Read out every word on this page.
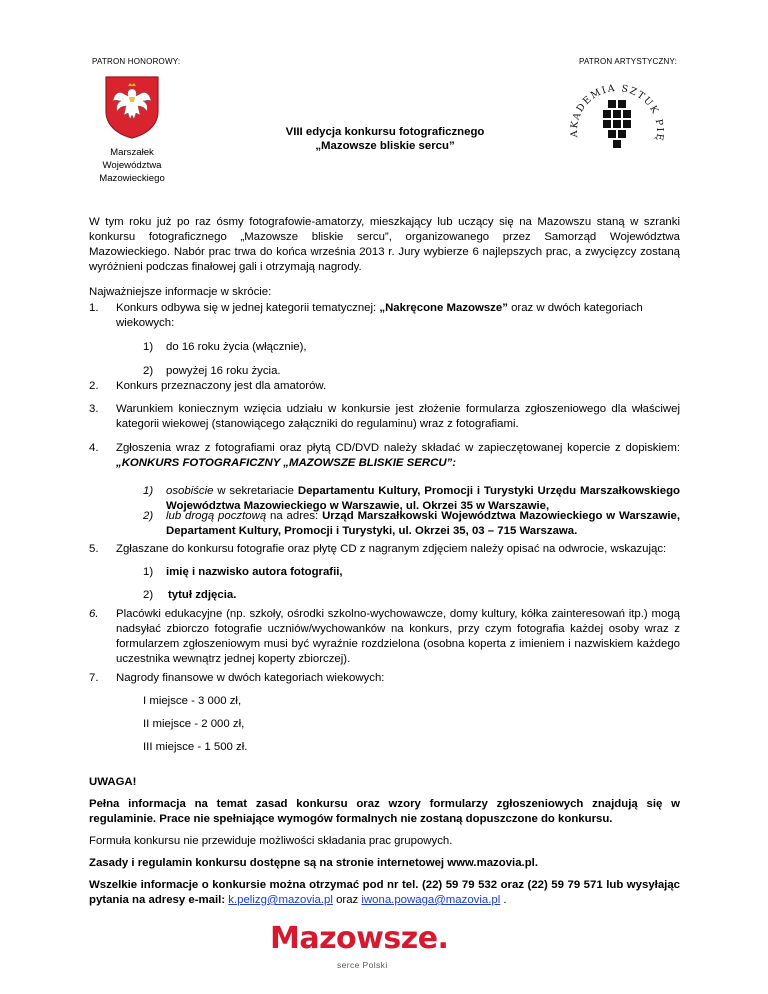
PATRON HONOROWY:	PATRON ARTYSTYCZNY:
Marszałek
Województwa
Mazowieckiego
VIII edycja konkursu fotograficznego
„Mazowsze bliskie sercu”
AKADEMIA SZTUK PIĘ

W tym roku już po raz ósmy fotografowie-amatorzy, mieszkający lub uczący się na Mazowszu staną w szranki konkursu fotograficznego „Mazowsze bliskie sercu”, organizowanego przez Samorząd Województwa Mazowieckiego. Nabór prac trwa do końca września 2013 r. Jury wybierze 6 najlepszych prac, a zwycięzcy zostaną wyróżnieni podczas finałowej gali i otrzymają nagrody.

Najważniejsze informacje w skrócie:

1. Konkurs odbywa się w jednej kategorii tematycznej: „Nakręcone Mazowsze” oraz w dwóch kategoriach wiekowych:

1) do 16 roku życia (włącznie),
2) powyżej 16 roku życia.
2. Konkurs przeznaczony jest dla amatorów.

3. Warunkiem koniecznym wzięcia udziału w konkursie jest złożenie formularza zgłoszeniowego dla właściwej kategorii wiekowej (stanowiącego załączniki do regulaminu) wraz z fotografiami.

4. Zgłoszenia wraz z fotografiami oraz płytą CD/DVD należy składać w zapieczętowanej kopercie z dopiskiem: „KONKURS FOTOGRAFICZNY „MAZOWSZE BLISKIE SERCU”:

1) osobiście w sekretariacie Departamentu Kultury, Promocji i Turystyki Urzędu Marszałkowskiego Województwa Mazowieckiego w Warszawie, ul. Okrzei 35 w Warszawie,

2) lub drogą pocztową na adres: Urząd Marszałkowski Województwa Mazowieckiego w Warszawie, Departament Kultury, Promocji i Turystyki, ul. Okrzei 35, 03 – 715 Warszawa.

5. Zgłaszane do konkursu fotografie oraz płytę CD z nagranym zdjęciem należy opisać na odwrocie, wskazując:

1) imię i nazwisko autora fotografii,
2) tytuł zdjęcia.
6. Placówki edukacyjne (np. szkoły, ośrodki szkolno-wychowawcze, domy kultury, kółka zainteresowań itp.) mogą nadsyłać zbiorczo fotografie uczniów/wychowanków na konkurs, przy czym fotografia każdej osoby wraz z formularzem zgłoszeniowym musi być wyraźnie rozdzielona (osobna koperta z imieniem i nazwiskiem każdego uczestnika wewnątrz jednej koperty zbiorczej).

7. Nagrody finansowe w dwóch kategoriach wiekowych:

I miejsce - 3 000 zł,
II miejsce - 2 000 zł,
III miejsce - 1 500 zł.

UWAGA!

Pełna informacja na temat zasad konkursu oraz wzory formularzy zgłoszeniowych znajdują się w regulaminie. Prace nie spełniające wymogów formalnych nie zostaną dopuszczone do konkursu.

Formuła konkursu nie przewiduje możliwości składania prac grupowych.

Zasady i regulamin konkursu dostępne są na stronie internetowej www.mazovia.pl.

Wszelkie informacje o konkursie można otrzymać pod nr tel. (22) 59 79 532 oraz (22) 59 79 571 lub wysyłając pytania na adresy e-mail: k.pelizg@mazovia.pl oraz iwona.powaga@mazovia.pl .

Mazowsze.
serce Polski
